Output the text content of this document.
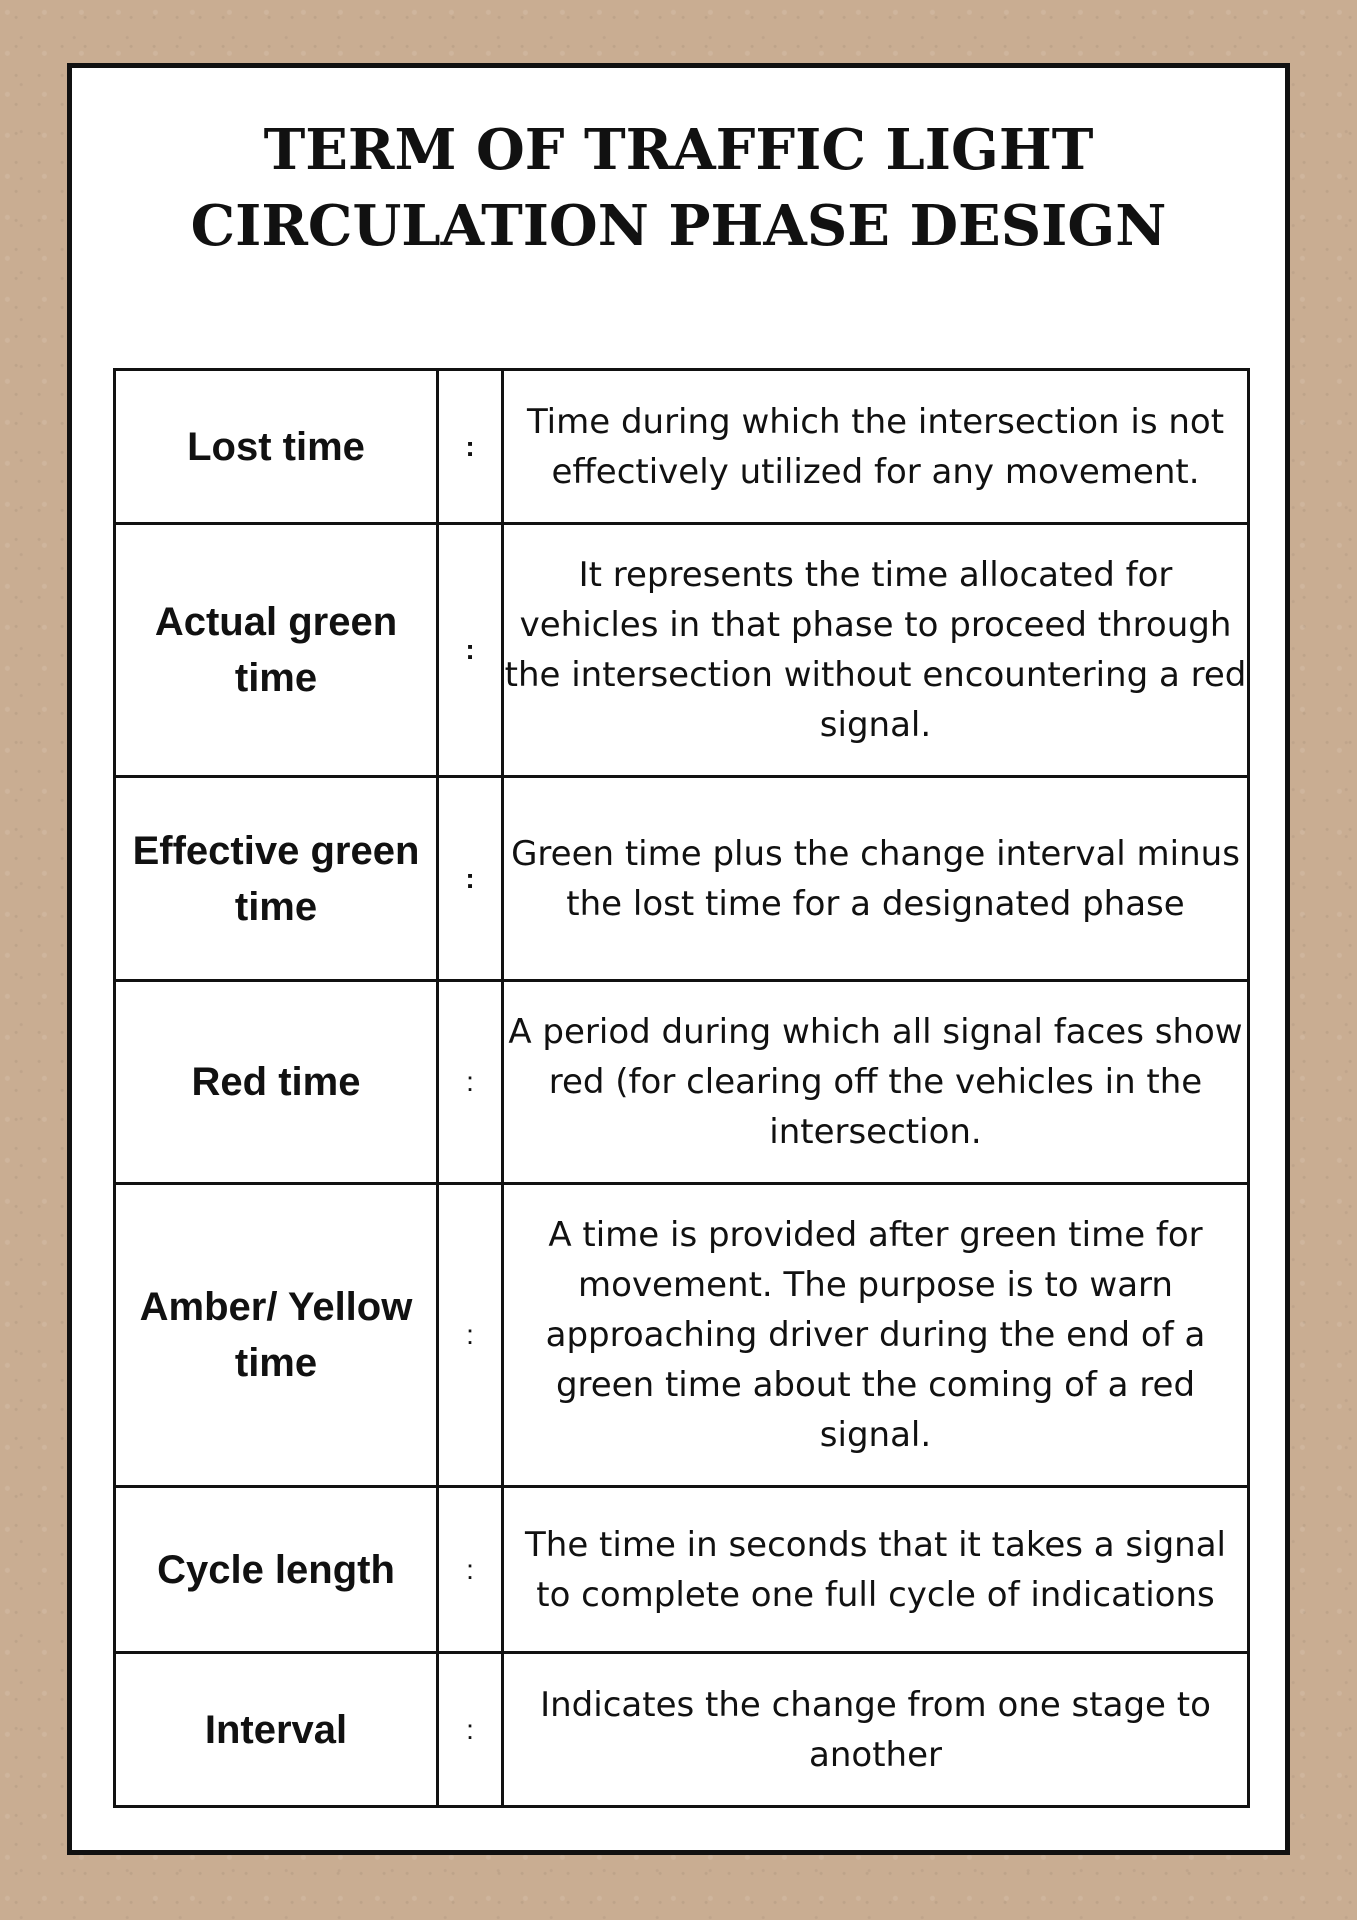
TERM OF TRAFFIC LIGHT
CIRCULATION PHASE DESIGN
Lost time	:	Time during which the intersection is not effectively utilized for any movement.
Actual green time	:	It represents the time allocated for vehicles in that phase to proceed through the intersection without encountering a red signal.
Effective green time	:	Green time plus the change interval minus the lost time for a designated phase
Red time	:	A period during which all signal faces show red (for clearing off the vehicles in the intersection.
Amber/ Yellow time	:	A time is provided after green time for movement. The purpose is to warn approaching driver during the end of a green time about the coming of a red signal.
Cycle length	:	The time in seconds that it takes a signal to complete one full cycle of indications
Interval	:	Indicates the change from one stage to another
